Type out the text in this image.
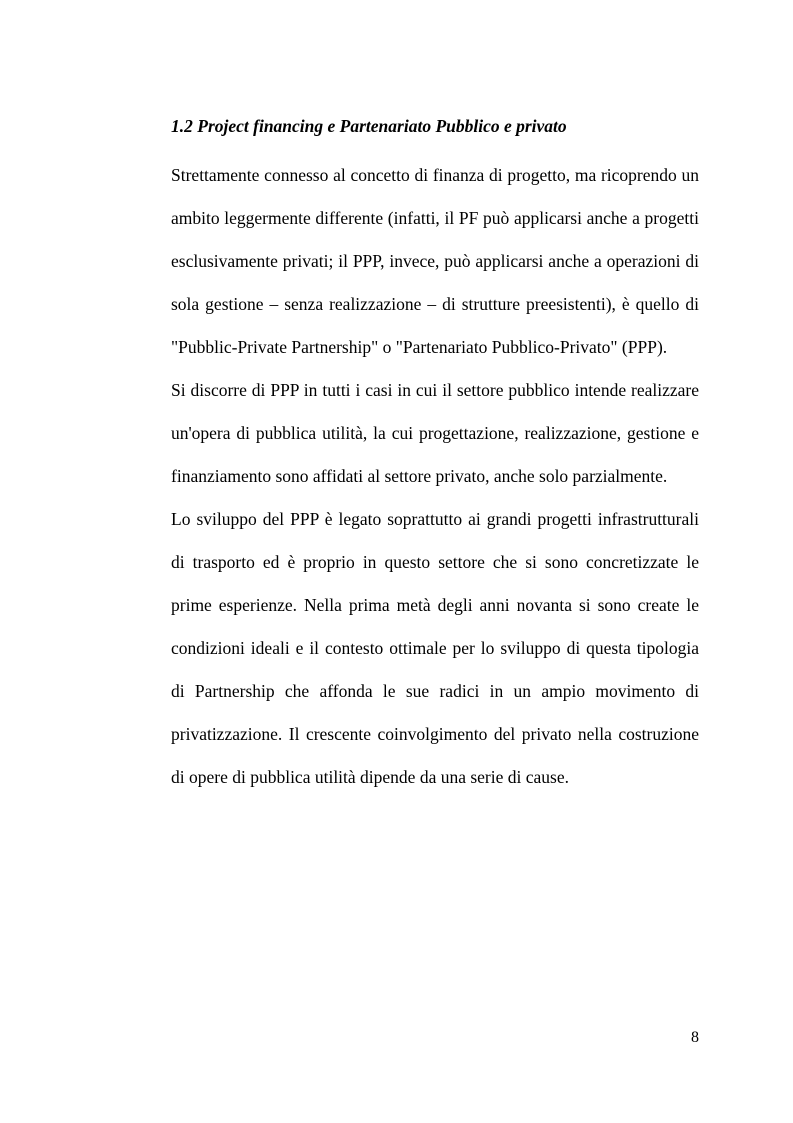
1.2 Project financing e Partenariato Pubblico e privato

Strettamente connesso al concetto di finanza di progetto, ma ricoprendo un ambito leggermente differente (infatti, il PF può applicarsi anche a progetti esclusivamente privati; il PPP, invece, può applicarsi anche a operazioni di sola gestione – senza realizzazione – di strutture preesistenti), è quello di "Pubblic-Private Partnership" o "Partenariato Pubblico-Privato" (PPP).

Si discorre di PPP in tutti i casi in cui il settore pubblico intende realizzare un'opera di pubblica utilità, la cui progettazione, realizzazione, gestione e finanziamento sono affidati al settore privato, anche solo parzialmente.

Lo sviluppo del PPP è legato soprattutto ai grandi progetti infrastrutturali di trasporto ed è proprio in questo settore che si sono concretizzate le prime esperienze. Nella prima metà degli anni novanta si sono create le condizioni ideali e il contesto ottimale per lo sviluppo di questa tipologia di Partnership che affonda le sue radici in un ampio movimento di privatizzazione. Il crescente coinvolgimento del privato nella costruzione di opere di pubblica utilità dipende da una serie di cause.

8
